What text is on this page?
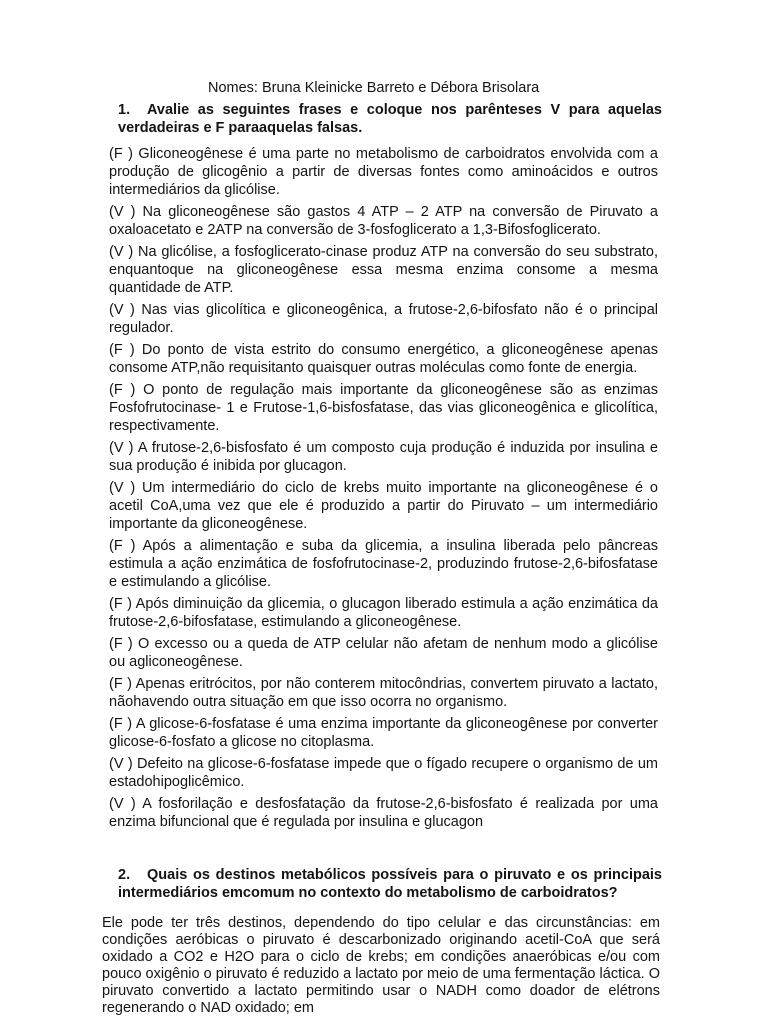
Nomes: Bruna Kleinicke Barreto e Débora Brisolara
1. Avalie as seguintes frases e coloque nos parênteses V para aquelas verdadeiras e F paraaquelas falsas.

(F ) Gliconeogênese é uma parte no metabolismo de carboidratos envolvida com a produção de glicogênio a partir de diversas fontes como aminoácidos e outros intermediários da glicólise.

(V ) Na gliconeogênese são gastos 4 ATP – 2 ATP na conversão de Piruvato a oxaloacetato e 2ATP na conversão de 3-fosfoglicerato a 1,3-Bifosfoglicerato.

(V ) Na glicólise, a fosfoglicerato-cinase produz ATP na conversão do seu substrato, enquantoque na gliconeogênese essa mesma enzima consome a mesma quantidade de ATP.

(V ) Nas vias glicolítica e gliconeogênica, a frutose-2,6-bifosfato não é o principal regulador.

(F ) Do ponto de vista estrito do consumo energético, a gliconeogênese apenas consome ATP,não requisitanto quaisquer outras moléculas como fonte de energia.

(F ) O ponto de regulação mais importante da gliconeogênese são as enzimas Fosfofrutocinase- 1 e Frutose-1,6-bisfosfatase, das vias gliconeogênica e glicolítica, respectivamente.

(V ) A frutose-2,6-bisfosfato é um composto cuja produção é induzida por insulina e sua produção é inibida por glucagon.

(V ) Um intermediário do ciclo de krebs muito importante na gliconeogênese é o acetil CoA,uma vez que ele é produzido a partir do Piruvato – um intermediário importante da gliconeogênese.

(F ) Após a alimentação e suba da glicemia, a insulina liberada pelo pâncreas estimula a ação enzimática de fosfofrutocinase-2, produzindo frutose-2,6-bifosfatase e estimulando a glicólise.

(F ) Após diminuição da glicemia, o glucagon liberado estimula a ação enzimática da frutose-2,6-bifosfatase, estimulando a gliconeogênese.

(F ) O excesso ou a queda de ATP celular não afetam de nenhum modo a glicólise ou agliconeogênese.

(F ) Apenas eritrócitos, por não conterem mitocôndrias, convertem piruvato a lactato, nãohavendo outra situação em que isso ocorra no organismo.

(F ) A glicose-6-fosfatase é uma enzima importante da gliconeogênese por converter glicose-6-fosfato a glicose no citoplasma.

(V ) Defeito na glicose-6-fosfatase impede que o fígado recupere o organismo de um estadohipoglicêmico.

(V ) A fosforilação e desfosfatação da frutose-2,6-bisfosfato é realizada por uma enzima bifuncional que é regulada por insulina e glucagon

2. Quais os destinos metabólicos possíveis para o piruvato e os principais intermediários emcomum no contexto do metabolismo de carboidratos?
Ele pode ter três destinos, dependendo do tipo celular e das circunstâncias: em condições aeróbicas o piruvato é descarbonizado originando acetil-CoA que será oxidado a CO2 e H2O para o ciclo de krebs; em condições anaeróbicas e/ou com pouco oxigênio o piruvato é reduzido a lactato por meio de uma fermentação láctica. O piruvato convertido a lactato permitindo usar o NADH como doador de elétrons regenerando o NAD oxidado; em
